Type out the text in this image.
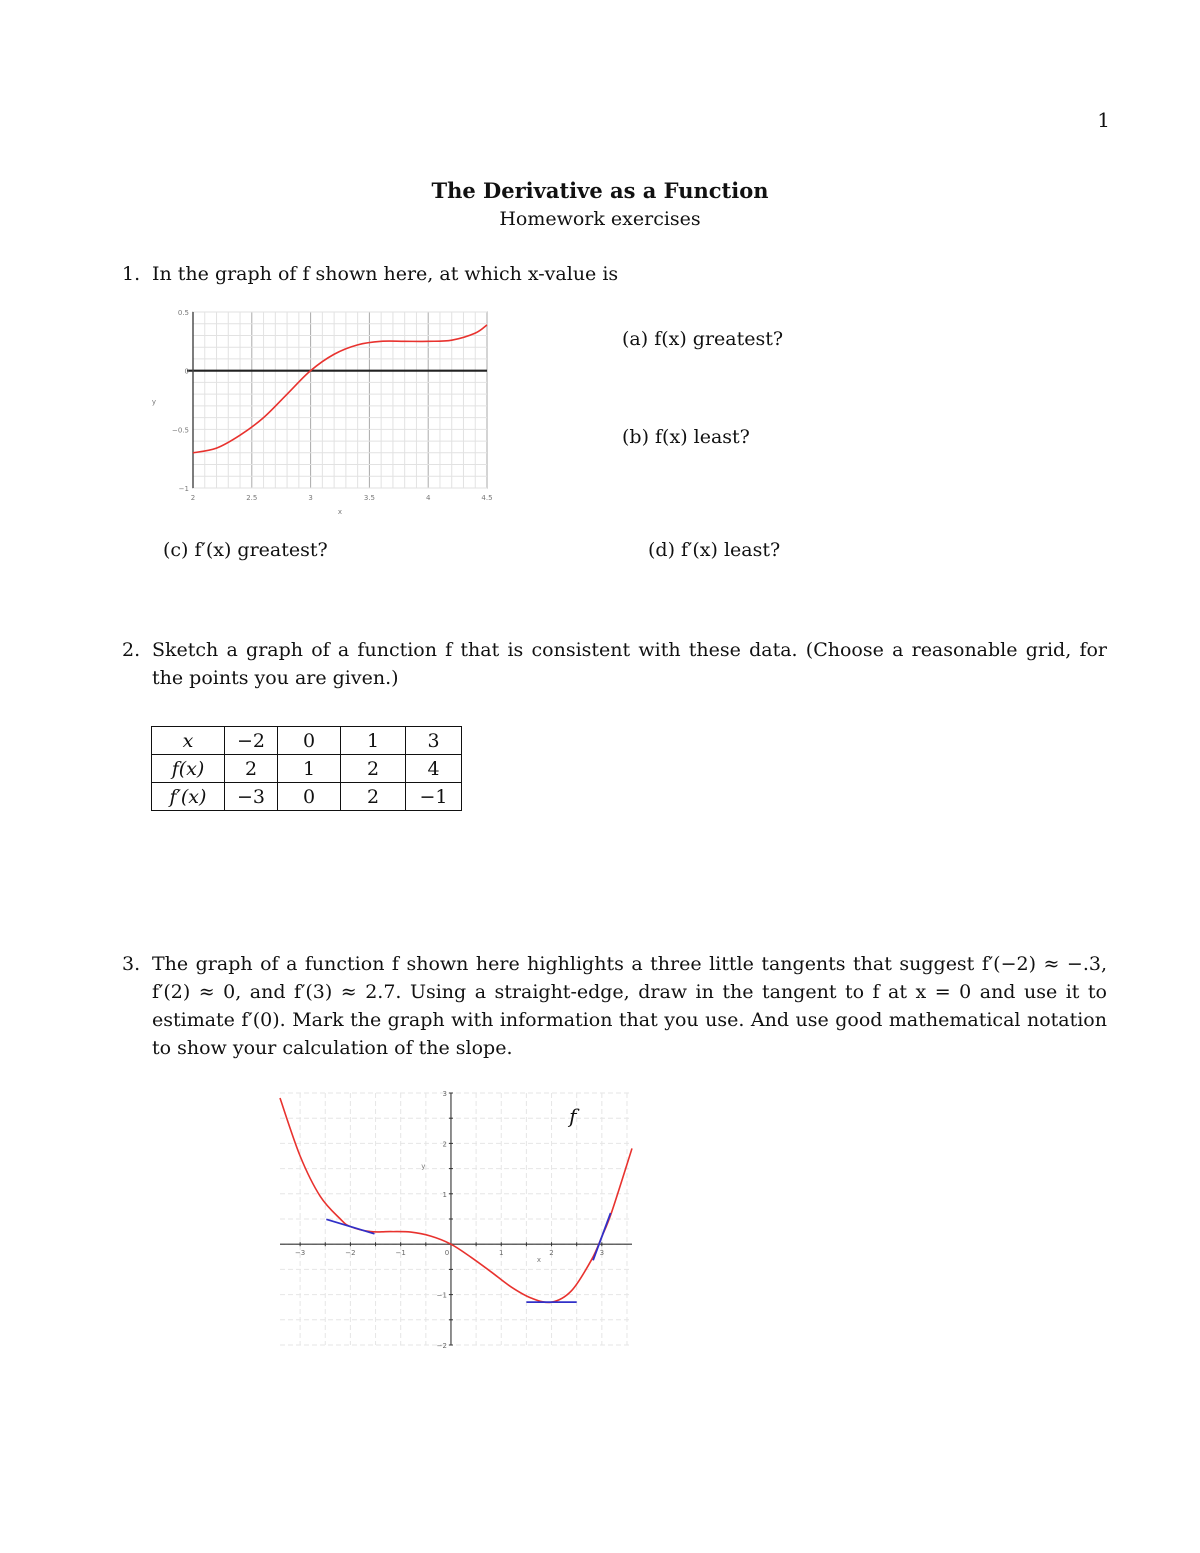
1
The Derivative as a Function
Homework exercises
1. In the graph of f shown here, at which x-value is
2	2.5	3	3.5	4	4.5
0.5
0
−0.5
−1
x
y
(a) f(x) greatest?
(b) f(x) least?
(c) f′(x) greatest?	(d) f′(x) least?
2. Sketch a graph of a function f that is consistent with these data. (Choose a reasonable grid, for the points you are given.)
x	−2	0	1	3
f(x)	2	1	2	4
f′(x)	−3	0	2	−1
3. The graph of a function f shown here highlights a three little tangents that suggest f′(−2) ≈ −.3, f′(2) ≈ 0, and f′(3) ≈ 2.7. Using a straight-edge, draw in the tangent to f at x = 0 and use it to estimate f′(0). Mark the graph with information that you use. And use good mathematical notation to show your calculation of the slope.
−3	−2	−1	0	1	2	3
3
2
1
−1
−2
f
x
y
